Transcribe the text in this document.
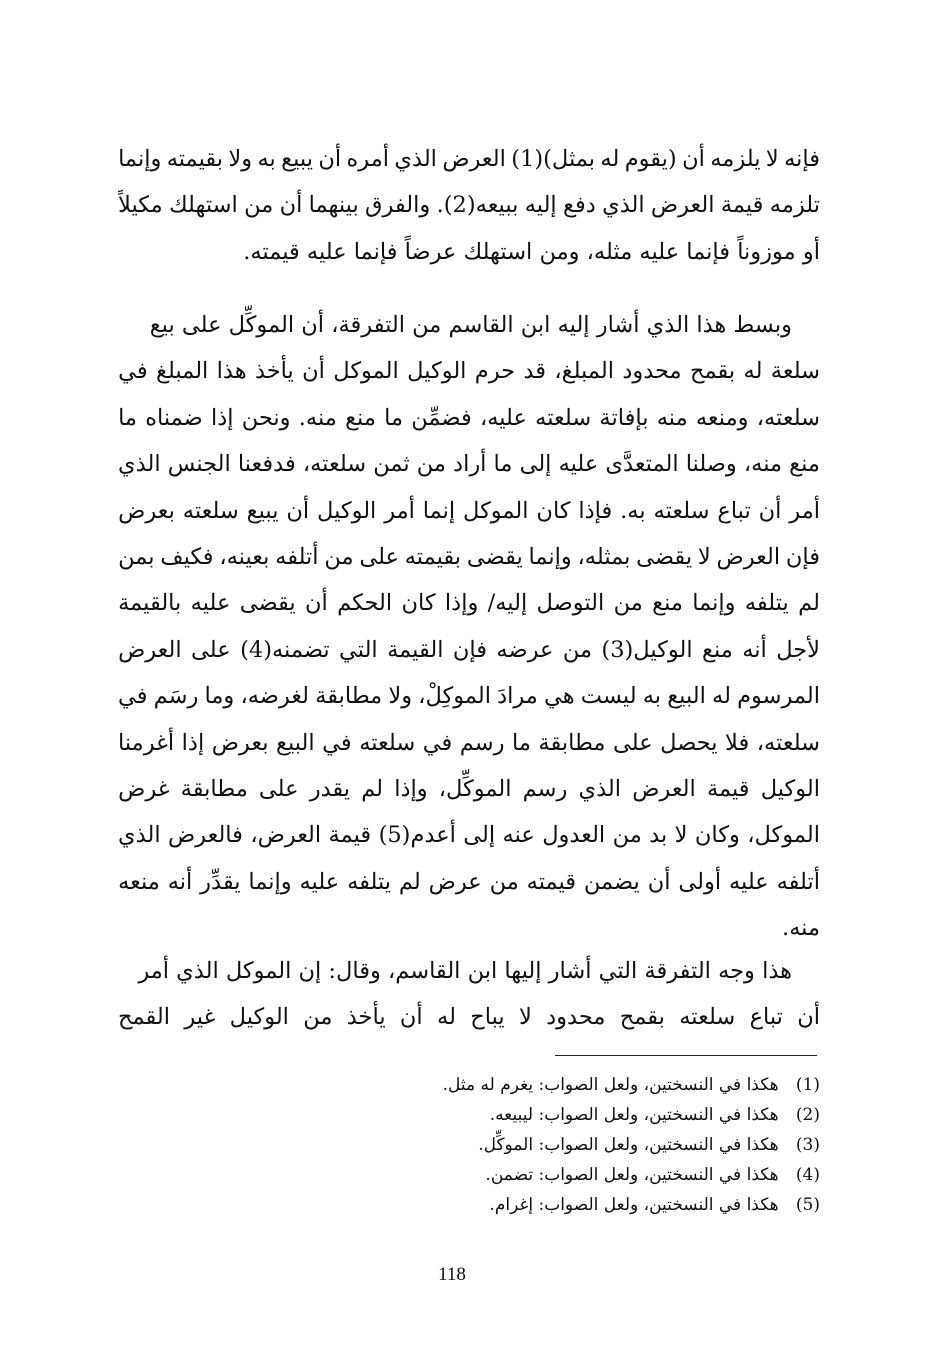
فإنه
لا
يلزمه
أن
(يقوم
له
بمثل)(1)
العرض
الذي
أمره
أن
يبيع
به
ولا
بقيمته
وإنما
تلزمه
قيمة
العرض
الذي
دفع
إليه
ببيعه(2).
والفرق
بينهما
أن
من
استهلك
مكيلاً
أو موزوناً فإنما عليه مثله، ومن استهلك عرضاً فإنما عليه قيمته.
وبسط هذا الذي أشار إليه ابن القاسم من التفرقة، أن الموكِّل على بيع
سلعة
له
بقمح
محدود
المبلغ،
قد
حرم
الوكيل
الموكل
أن
يأخذ
هذا
المبلغ
في
سلعته،
ومنعه
منه
بإفاتة
سلعته
عليه،
فضمِّن
ما
منع
منه.
ونحن
إذا
ضمناه
ما
منع
منه،
وصلنا
المتعدَّى
عليه
إلى
ما
أراد
من
ثمن
سلعته،
فدفعنا
الجنس
الذي
أمر
أن
تباع
سلعته
به.
فإذا
كان
الموكل
إنما
أمر
الوكيل
أن
يبيع
سلعته
بعرض
فإن
العرض
لا
يقضى
بمثله،
وإنما
يقضى
بقيمته
على
من
أتلفه
بعينه،
فكيف
بمن
لم
يتلفه
وإنما
منع
من
التوصل
إليه/
وإذا
كان
الحكم
أن
يقضى
عليه
بالقيمة
لأجل
أنه
منع
الوكيل(3)
من
عرضه
فإن
القيمة
التي
تضمنه(4)
على
العرض
المرسوم
له
البيع
به
ليست
هي
مرادَ
الموكِلْ،
ولا
مطابقة
لغرضه،
وما
رسَم
في
سلعته،
فلا
يحصل
على
مطابقة
ما
رسم
في
سلعته
في
البيع
بعرض
إذا
أغرمنا
الوكيل
قيمة
العرض
الذي
رسم
الموكِّل،
وإذا
لم
يقدر
على
مطابقة
غرض
الموكل،
وكان
لا
بد
من
العدول
عنه
إلى
أعدم(5)
قيمة
العرض،
فالعرض
الذي
أتلفه
عليه
أولى
أن
يضمن
قيمته
من
عرض
لم
يتلفه
عليه
وإنما
يقدِّر
أنه
منعه
منه.
هذا وجه التفرقة التي أشار إليها ابن القاسم، وقال: إن الموكل الذي أمر
أن
تباع
سلعته
بقمح
محدود
لا
يباح
له
أن
يأخذ
من
الوكيل
غير
القمح
(1) هكذا في النسختين، ولعل الصواب: يغرم له مثل.
(2) هكذا في النسختين، ولعل الصواب: ليبيعه.
(3) هكذا في النسختين، ولعل الصواب: الموكِّل.
(4) هكذا في النسختين، ولعل الصواب: تضمن.
(5) هكذا في النسختين، ولعل الصواب: إغرام.
118
